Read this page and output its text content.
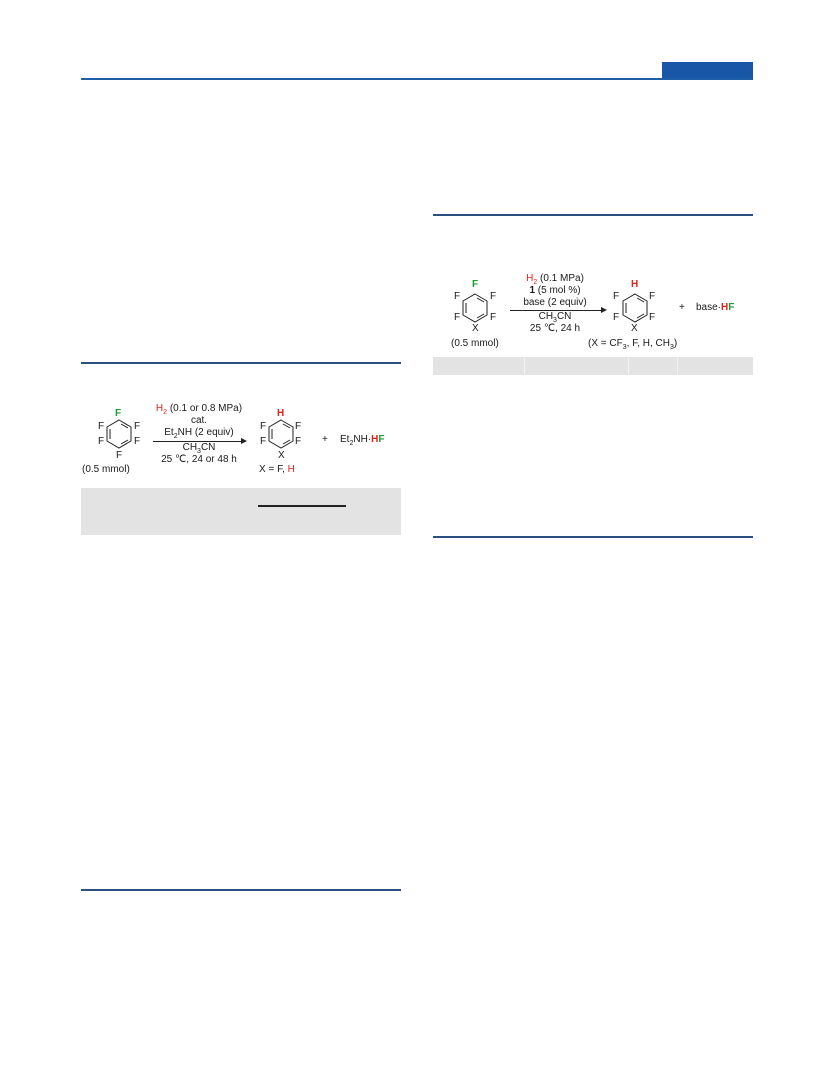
F
F	F
F	F
F
(0.5 mmol)
$H_2$ (0.1 or 0.8 MPa)
cat.
$Et_2NH$ (2 equiv)
$CH_3CN$
25 ℃, 24 or 48 h
H
F	F
F	F
X
X = F, H
+ $Et_2NH\cdot HF$
F
F	F
F	F
X
(0.5 mmol)
$H_2$ (0.1 MPa)
1 (5 mol %)
base (2 equiv)
$CH_3CN$
25 ℃, 24 h
H
F	F
F	F
X
($X = CF_3$, F, H, $CH_3$)
+ base·HF
